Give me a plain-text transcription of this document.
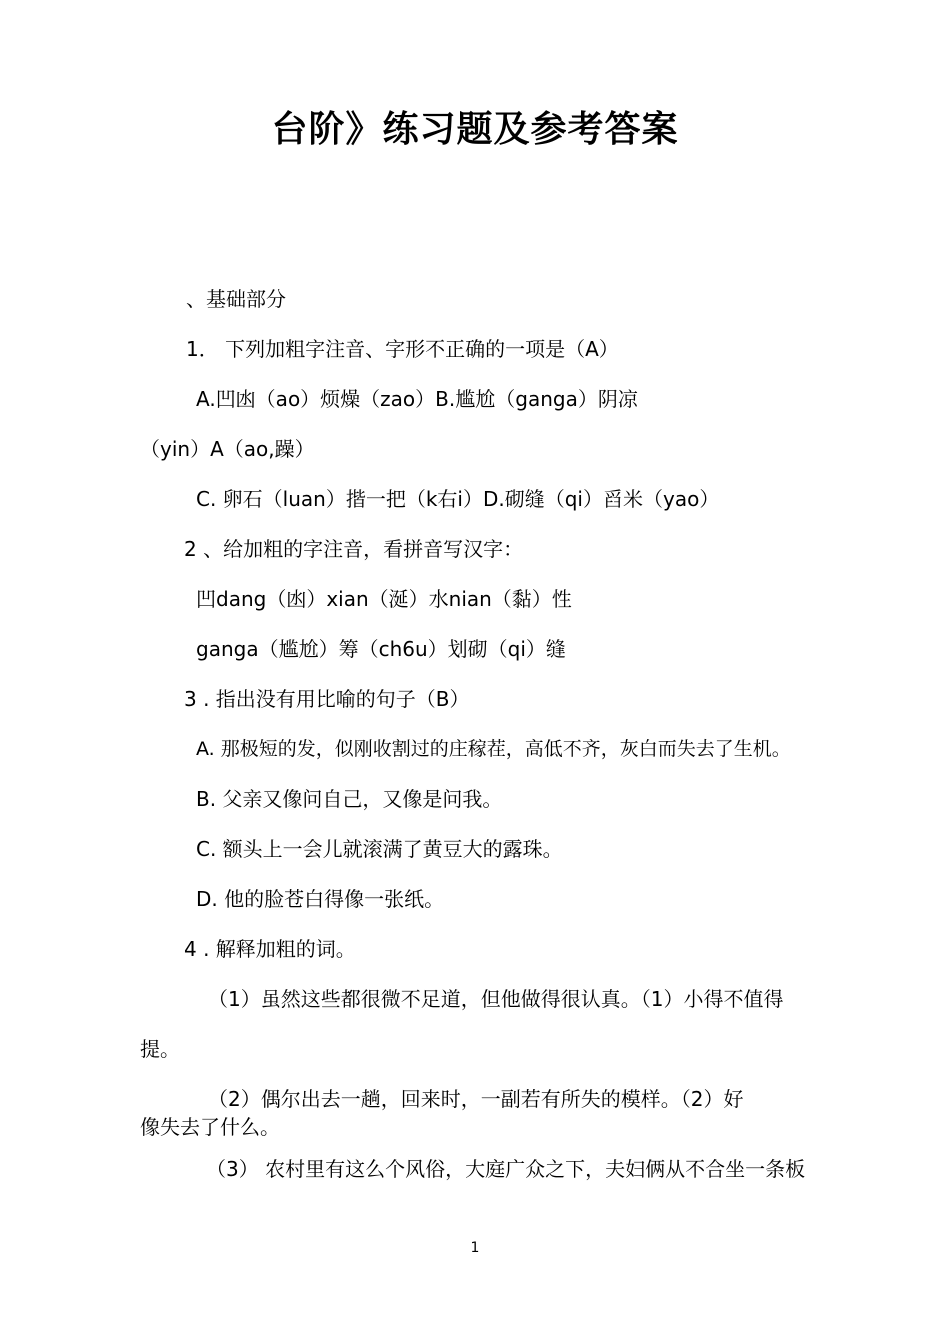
台阶》练习题及参考答案
、基础部分
1． 下列加粗字注音、字形不正确的一项是（A）
A.凹凼（ao）烦燥（zao）B.尴尬（ganga）阴凉
（yin）A（ao,躁）
C. 卵石（luan）揩一把（k右i）D.砌缝（qi）舀米（yao）
2 、给加粗的字注音，看拼音写汉字：
凹dang（凼）xian（涎）水nian（黏）性
ganga（尴尬）筹（ch6u）划砌（qi）缝
3 . 指出没有用比喻的句子（B）
A. 那极短的发，似刚收割过的庄稼茬，高低不齐，灰白而失去了生机。
B. 父亲又像问自己，又像是问我。
C. 额头上一会儿就滚满了黄豆大的露珠。
D. 他的脸苍白得像一张纸。
4 . 解释加粗的词。
（1）虽然这些都很微不足道，但他做得很认真。（1）小得不值得
提。
（2）偶尔出去一趟，回来时，一副若有所失的模样。（2）好
像失去了什么。
（3） 农村里有这么个风俗，大庭广众之下，夫妇俩从不合坐一条板
1
